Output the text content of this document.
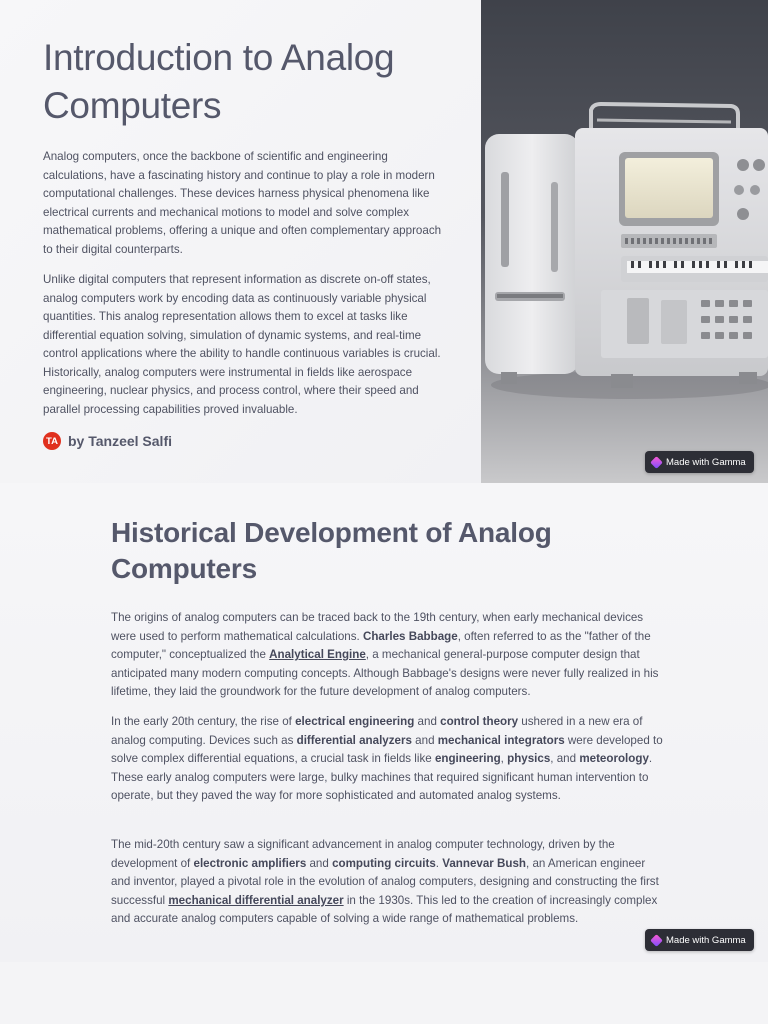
Introduction to Analog Computers

Analog computers, once the backbone of scientific and engineering calculations, have a fascinating history and continue to play a role in modern computational challenges. These devices harness physical phenomena like electrical currents and mechanical motions to model and solve complex mathematical problems, offering a unique and often complementary approach to their digital counterparts.

Unlike digital computers that represent information as discrete on-off states, analog computers work by encoding data as continuously variable physical quantities. This analog representation allows them to excel at tasks like differential equation solving, simulation of dynamic systems, and real-time control applications where the ability to handle continuous variables is crucial. Historically, analog computers were instrumental in fields like aerospace engineering, nuclear physics, and process control, where their speed and parallel processing capabilities proved invaluable.

TA by Tanzeel Salfi
Made with Gamma
Historical Development of Analog Computers

The origins of analog computers can be traced back to the 19th century, when early mechanical devices were used to perform mathematical calculations. Charles Babbage, often referred to as the "father of the computer," conceptualized the Analytical Engine, a mechanical general-purpose computer design that anticipated many modern computing concepts. Although Babbage's designs were never fully realized in his lifetime, they laid the groundwork for the future development of analog computers.

In the early 20th century, the rise of electrical engineering and control theory ushered in a new era of analog computing. Devices such as differential analyzers and mechanical integrators were developed to solve complex differential equations, a crucial task in fields like engineering, physics, and meteorology. These early analog computers were large, bulky machines that required significant human intervention to operate, but they paved the way for more sophisticated and automated analog systems.

The mid-20th century saw a significant advancement in analog computer technology, driven by the development of electronic amplifiers and computing circuits. Vannevar Bush, an American engineer and inventor, played a pivotal role in the evolution of analog computers, designing and constructing the first successful mechanical differential analyzer in the 1930s. This led to the creation of increasingly complex and accurate analog computers capable of solving a wide range of mathematical problems.

Made with Gamma
